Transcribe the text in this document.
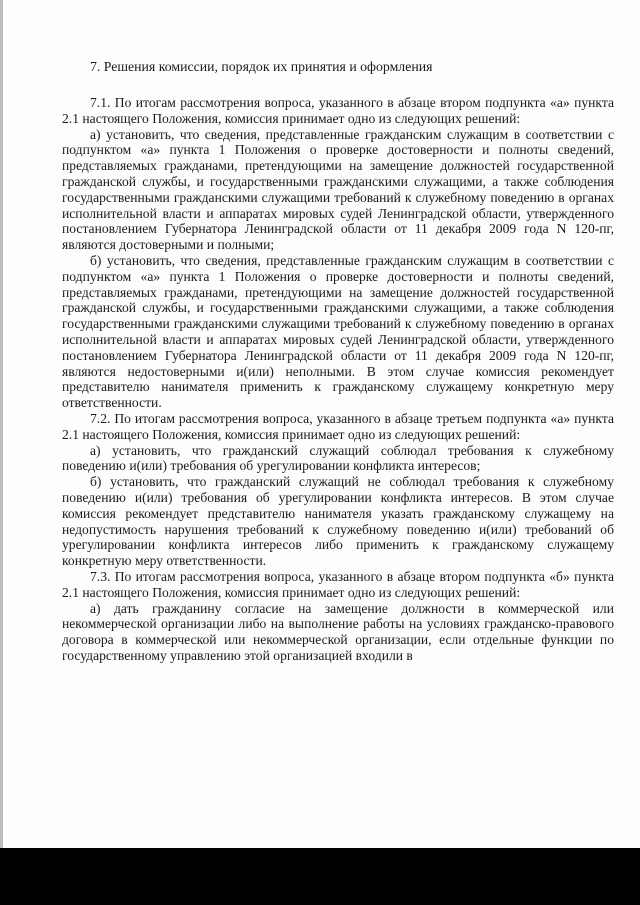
7. Решения комиссии, порядок их принятия и оформления

7.1. По итогам рассмотрения вопроса, указанного в абзаце втором подпункта «а» пункта 2.1 настоящего Положения, комиссия принимает одно из следующих решений:

а) установить, что сведения, представленные гражданским служащим в соответствии с подпунктом «а» пункта 1 Положения о проверке достоверности и полноты сведений, представляемых гражданами, претендующими на замещение должностей государственной гражданской службы, и государственными гражданскими служащими, а также соблюдения государственными гражданскими служащими требований к служебному поведению в органах исполнительной власти и аппаратах мировых судей Ленинградской области, утвержденного постановлением Губернатора Ленинградской области от 11 декабря 2009 года N 120-пг, являются достоверными и полными;

б) установить, что сведения, представленные гражданским служащим в соответствии с подпунктом «а» пункта 1 Положения о проверке достоверности и полноты сведений, представляемых гражданами, претендующими на замещение должностей государственной гражданской службы, и государственными гражданскими служащими, а также соблюдения государственными гражданскими служащими требований к служебному поведению в органах исполнительной власти и аппаратах мировых судей Ленинградской области, утвержденного постановлением Губернатора Ленинградской области от 11 декабря 2009 года N 120-пг, являются недостоверными и(или) неполными. В этом случае комиссия рекомендует представителю нанимателя применить к гражданскому служащему конкретную меру ответственности.

7.2. По итогам рассмотрения вопроса, указанного в абзаце третьем подпункта «а» пункта 2.1 настоящего Положения, комиссия принимает одно из следующих решений:

а) установить, что гражданский служащий соблюдал требования к служебному поведению и(или) требования об урегулировании конфликта интересов;

б) установить, что гражданский служащий не соблюдал требования к служебному поведению и(или) требования об урегулировании конфликта интересов. В этом случае комиссия рекомендует представителю нанимателя указать гражданскому служащему на недопустимость нарушения требований к служебному поведению и(или) требований об урегулировании конфликта интересов либо применить к гражданскому служащему конкретную меру ответственности.

7.3. По итогам рассмотрения вопроса, указанного в абзаце втором подпункта «б» пункта 2.1 настоящего Положения, комиссия принимает одно из следующих решений:

а) дать гражданину согласие на замещение должности в коммерческой или некоммерческой организации либо на выполнение работы на условиях гражданско-правового договора в коммерческой или некоммерческой организации, если отдельные функции по государственному управлению этой организацией входили в
